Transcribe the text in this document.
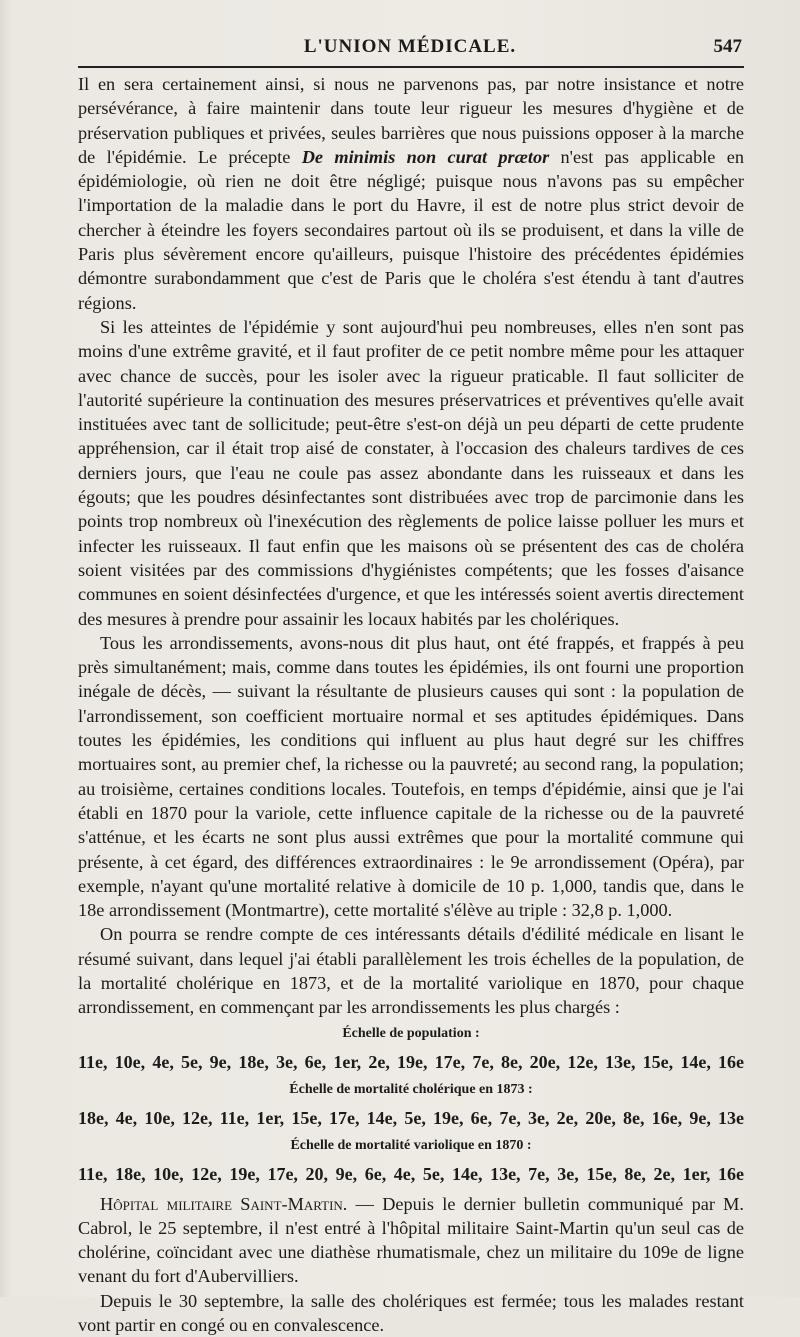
L'UNION MÉDICALE.	547

Il en sera certainement ainsi, si nous ne parvenons pas, par notre insistance et notre persévérance, à faire maintenir dans toute leur rigueur les mesures d'hygiène et de préservation publiques et privées, seules barrières que nous puissions opposer à la marche de l'épidémie. Le précepte De minimis non curat prætor n'est pas applicable en épidémiologie, où rien ne doit être négligé; puisque nous n'avons pas su empêcher l'importation de la maladie dans le port du Havre, il est de notre plus strict devoir de chercher à éteindre les foyers secondaires partout où ils se produisent, et dans la ville de Paris plus sévèrement encore qu'ailleurs, puisque l'histoire des précédentes épidémies démontre surabondamment que c'est de Paris que le choléra s'est étendu à tant d'autres régions.

Si les atteintes de l'épidémie y sont aujourd'hui peu nombreuses, elles n'en sont pas moins d'une extrême gravité, et il faut profiter de ce petit nombre même pour les attaquer avec chance de succès, pour les isoler avec la rigueur praticable. Il faut solliciter de l'autorité supérieure la continuation des mesures préservatrices et préventives qu'elle avait instituées avec tant de sollicitude; peut-être s'est-on déjà un peu départi de cette prudente appréhension, car il était trop aisé de constater, à l'occasion des chaleurs tardives de ces derniers jours, que l'eau ne coule pas assez abondante dans les ruisseaux et dans les égouts; que les poudres désinfectantes sont distribuées avec trop de parcimonie dans les points trop nombreux où l'inexécution des règlements de police laisse polluer les murs et infecter les ruisseaux. Il faut enfin que les maisons où se présentent des cas de choléra soient visitées par des commissions d'hygiénistes compétents; que les fosses d'aisance communes en soient désinfectées d'urgence, et que les intéressés soient avertis directement des mesures à prendre pour assainir les locaux habités par les cholériques.

Tous les arrondissements, avons-nous dit plus haut, ont été frappés, et frappés à peu près simultanément; mais, comme dans toutes les épidémies, ils ont fourni une proportion inégale de décès, — suivant la résultante de plusieurs causes qui sont : la population de l'arrondissement, son coefficient mortuaire normal et ses aptitudes épidémiques. Dans toutes les épidémies, les conditions qui influent au plus haut degré sur les chiffres mortuaires sont, au premier chef, la richesse ou la pauvreté; au second rang, la population; au troisième, certaines conditions locales. Toutefois, en temps d'épidémie, ainsi que je l'ai établi en 1870 pour la variole, cette influence capitale de la richesse ou de la pauvreté s'atténue, et les écarts ne sont plus aussi extrêmes que pour la mortalité commune qui présente, à cet égard, des différences extraordinaires : le 9e arrondissement (Opéra), par exemple, n'ayant qu'une mortalité relative à domicile de 10 p. 1,000, tandis que, dans le 18e arrondissement (Montmartre), cette mortalité s'élève au triple : 32,8 p. 1,000.

On pourra se rendre compte de ces intéressants détails d'édilité médicale en lisant le résumé suivant, dans lequel j'ai établi parallèlement les trois échelles de la population, de la mortalité cholérique en 1873, et de la mortalité variolique en 1870, pour chaque arrondissement, en commençant par les arrondissements les plus chargés :

Échelle de population :
11e, 10e, 4e, 5e, 9e, 18e, 3e, 6e, 1er, 2e, 19e, 17e, 7e, 8e, 20e, 12e, 13e, 15e, 14e, 16e
Échelle de mortalité cholérique en 1873 :
18e, 4e, 10e, 12e, 11e, 1er, 15e, 17e, 14e, 5e, 19e, 6e, 7e, 3e, 2e, 20e, 8e, 16e, 9e, 13e
Échelle de mortalité variolique en 1870 :
11e, 18e, 10e, 12e, 19e, 17e, 20, 9e, 6e, 4e, 5e, 14e, 13e, 7e, 3e, 15e, 8e, 2e, 1er, 16e

Hôpital militaire Saint-Martin. — Depuis le dernier bulletin communiqué par M. Cabrol, le 25 septembre, il n'est entré à l'hôpital militaire Saint-Martin qu'un seul cas de cholérine, coïncidant avec une diathèse rhumatismale, chez un militaire du 109e de ligne venant du fort d'Aubervilliers.

Depuis le 30 septembre, la salle des cholériques est fermée; tous les malades restant vont partir en congé ou en convalescence.
